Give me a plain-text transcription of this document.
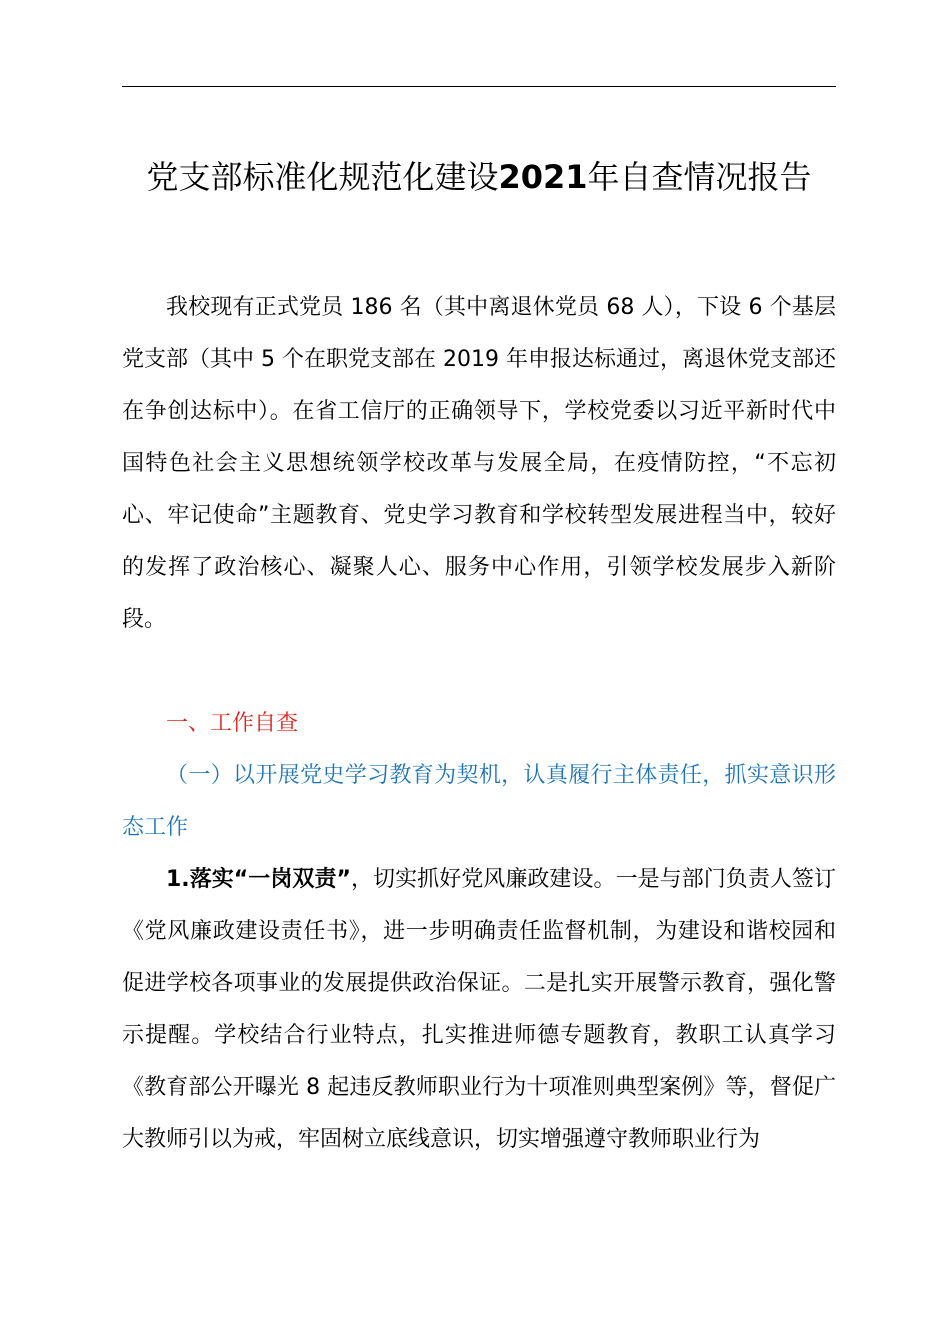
党支部标准化规范化建设2021年自查情况报告

我校现有正式党员 186 名（其中离退休党员 68 人），下设 6 个基层党支部（其中 5 个在职党支部在 2019 年申报达标通过，离退休党支部还在争创达标中）。在省工信厅的正确领导下，学校党委以习近平新时代中国特色社会主义思想统领学校改革与发展全局，在疫情防控，“不忘初心、牢记使命”主题教育、党史学习教育和学校转型发展进程当中，较好的发挥了政治核心、凝聚人心、服务中心作用，引领学校发展步入新阶段。

一、工作自查

（一）以开展党史学习教育为契机，认真履行主体责任，抓实意识形态工作

1.落实“一岗双责”，切实抓好党风廉政建设。一是与部门负责人签订《党风廉政建设责任书》，进一步明确责任监督机制，为建设和谐校园和促进学校各项事业的发展提供政治保证。二是扎实开展警示教育，强化警示提醒。学校结合行业特点，扎实推进师德专题教育，教职工认真学习《教育部公开曝光 8 起违反教师职业行为十项准则典型案例》等，督促广大教师引以为戒，牢固树立底线意识，切实增强遵守教师职业行为
